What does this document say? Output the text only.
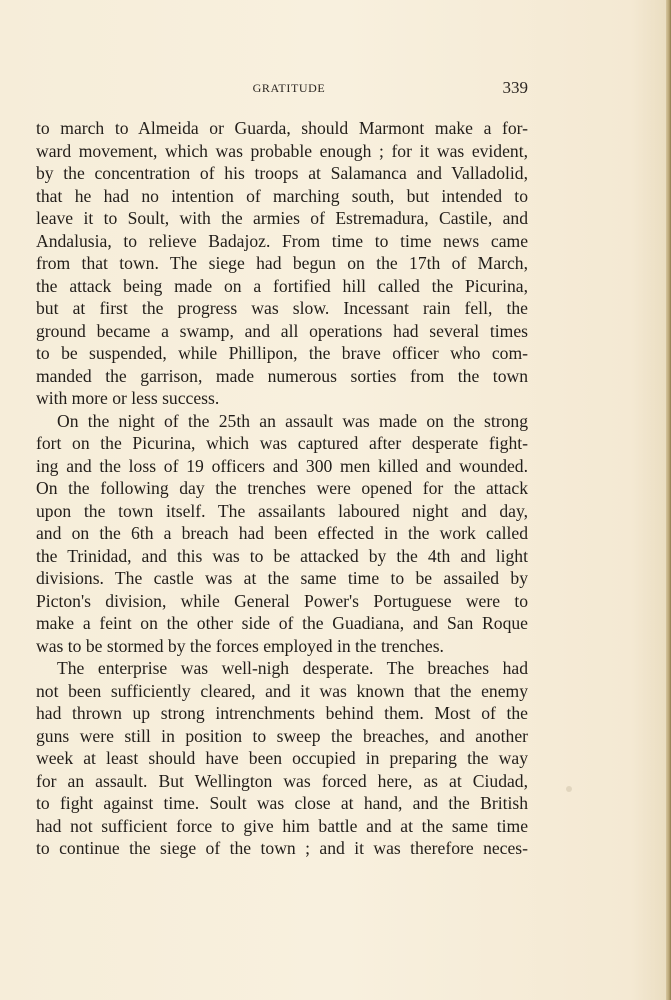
GRATITUDE	339
to march to Almeida or Guarda, should Marmont make a for-
ward movement, which was probable enough ; for it was evident,
by the concentration of his troops at Salamanca and Valladolid,
that he had no intention of marching south, but intended to
leave it to Soult, with the armies of Estremadura, Castile, and
Andalusia, to relieve Badajoz. From time to time news came
from that town. The siege had begun on the 17th of March,
the attack being made on a fortified hill called the Picurina,
but at first the progress was slow. Incessant rain fell, the
ground became a swamp, and all operations had several times
to be suspended, while Phillipon, the brave officer who com-
manded the garrison, made numerous sorties from the town
with more or less success.
On the night of the 25th an assault was made on the strong
fort on the Picurina, which was captured after desperate fight-
ing and the loss of 19 officers and 300 men killed and wounded.
On the following day the trenches were opened for the attack
upon the town itself. The assailants laboured night and day,
and on the 6th a breach had been effected in the work called
the Trinidad, and this was to be attacked by the 4th and light
divisions. The castle was at the same time to be assailed by
Picton's division, while General Power's Portuguese were to
make a feint on the other side of the Guadiana, and San Roque
was to be stormed by the forces employed in the trenches.
The enterprise was well-nigh desperate. The breaches had
not been sufficiently cleared, and it was known that the enemy
had thrown up strong intrenchments behind them. Most of the
guns were still in position to sweep the breaches, and another
week at least should have been occupied in preparing the way
for an assault. But Wellington was forced here, as at Ciudad,
to fight against time. Soult was close at hand, and the British
had not sufficient force to give him battle and at the same time
to continue the siege of the town ; and it was therefore neces-
